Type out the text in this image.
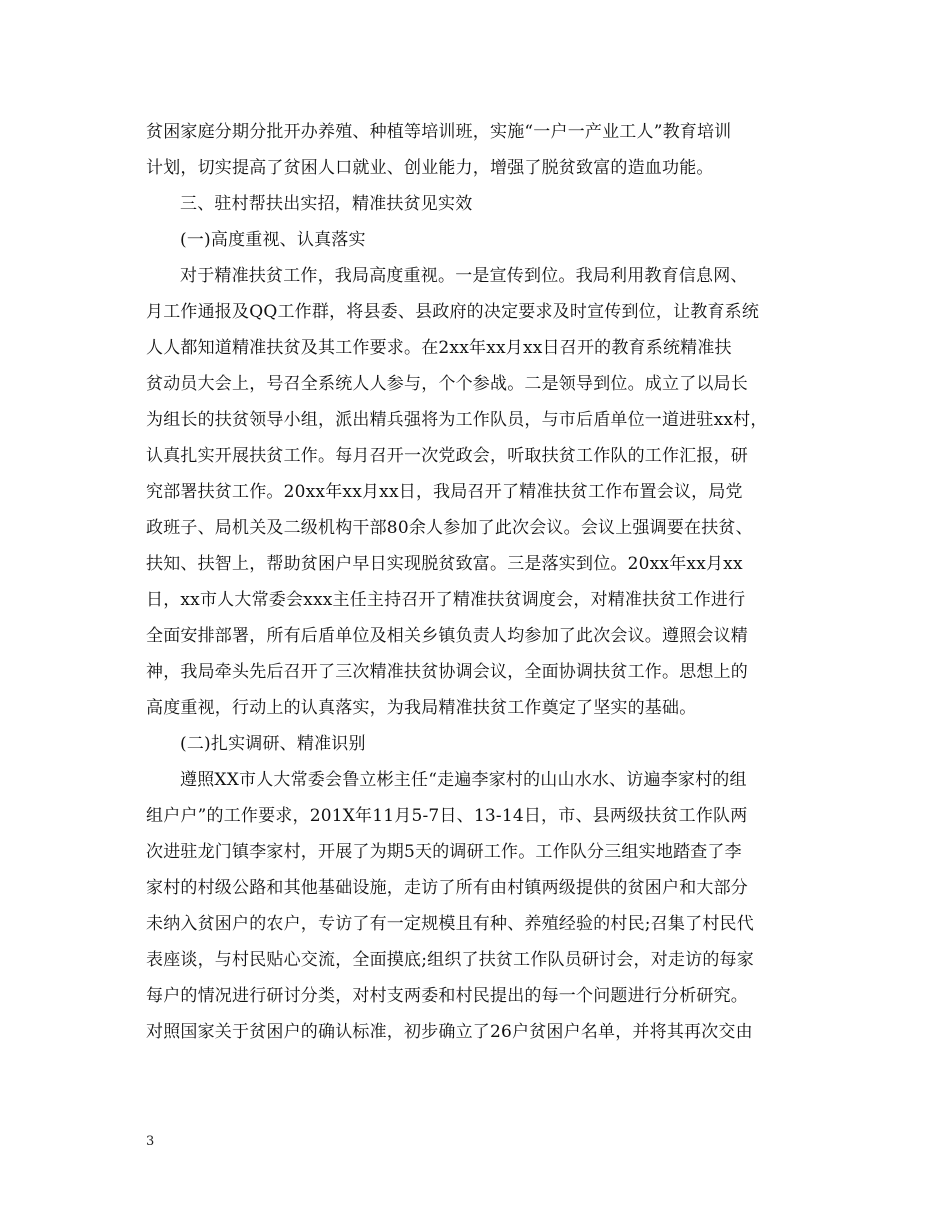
贫困家庭分期分批开办养殖、种植等培训班，实施“一户一产业工人”教育培训
计划，切实提高了贫困人口就业、创业能力，增强了脱贫致富的造血功能。
三、驻村帮扶出实招，精准扶贫见实效
(一)高度重视、认真落实
对于精准扶贫工作，我局高度重视。一是宣传到位。我局利用教育信息网、
月工作通报及QQ工作群，将县委、县政府的决定要求及时宣传到位，让教育系统
人人都知道精准扶贫及其工作要求。在2xx年xx月xx日召开的教育系统精准扶
贫动员大会上，号召全系统人人参与，个个参战。二是领导到位。成立了以局长
为组长的扶贫领导小组，派出精兵强将为工作队员，与市后盾单位一道进驻xx村，
认真扎实开展扶贫工作。每月召开一次党政会，听取扶贫工作队的工作汇报，研
究部署扶贫工作。20xx年xx月xx日，我局召开了精准扶贫工作布置会议，局党
政班子、局机关及二级机构干部80余人参加了此次会议。会议上强调要在扶贫、
扶知、扶智上，帮助贫困户早日实现脱贫致富。三是落实到位。20xx年xx月xx
日，xx市人大常委会xxx主任主持召开了精准扶贫调度会，对精准扶贫工作进行
全面安排部署，所有后盾单位及相关乡镇负责人均参加了此次会议。遵照会议精
神，我局牵头先后召开了三次精准扶贫协调会议，全面协调扶贫工作。思想上的
高度重视，行动上的认真落实，为我局精准扶贫工作奠定了坚实的基础。
(二)扎实调研、精准识别
遵照XX市人大常委会鲁立彬主任“走遍李家村的山山水水、访遍李家村的组
组户户”的工作要求，201X年11月5-7日、13-14日，市、县两级扶贫工作队两
次进驻龙门镇李家村，开展了为期5天的调研工作。工作队分三组实地踏查了李
家村的村级公路和其他基础设施，走访了所有由村镇两级提供的贫困户和大部分
未纳入贫困户的农户，专访了有一定规模且有种、养殖经验的村民;召集了村民代
表座谈，与村民贴心交流，全面摸底;组织了扶贫工作队员研讨会，对走访的每家
每户的情况进行研讨分类，对村支两委和村民提出的每一个问题进行分析研究。
对照国家关于贫困户的确认标准，初步确立了26户贫困户名单，并将其再次交由
3
